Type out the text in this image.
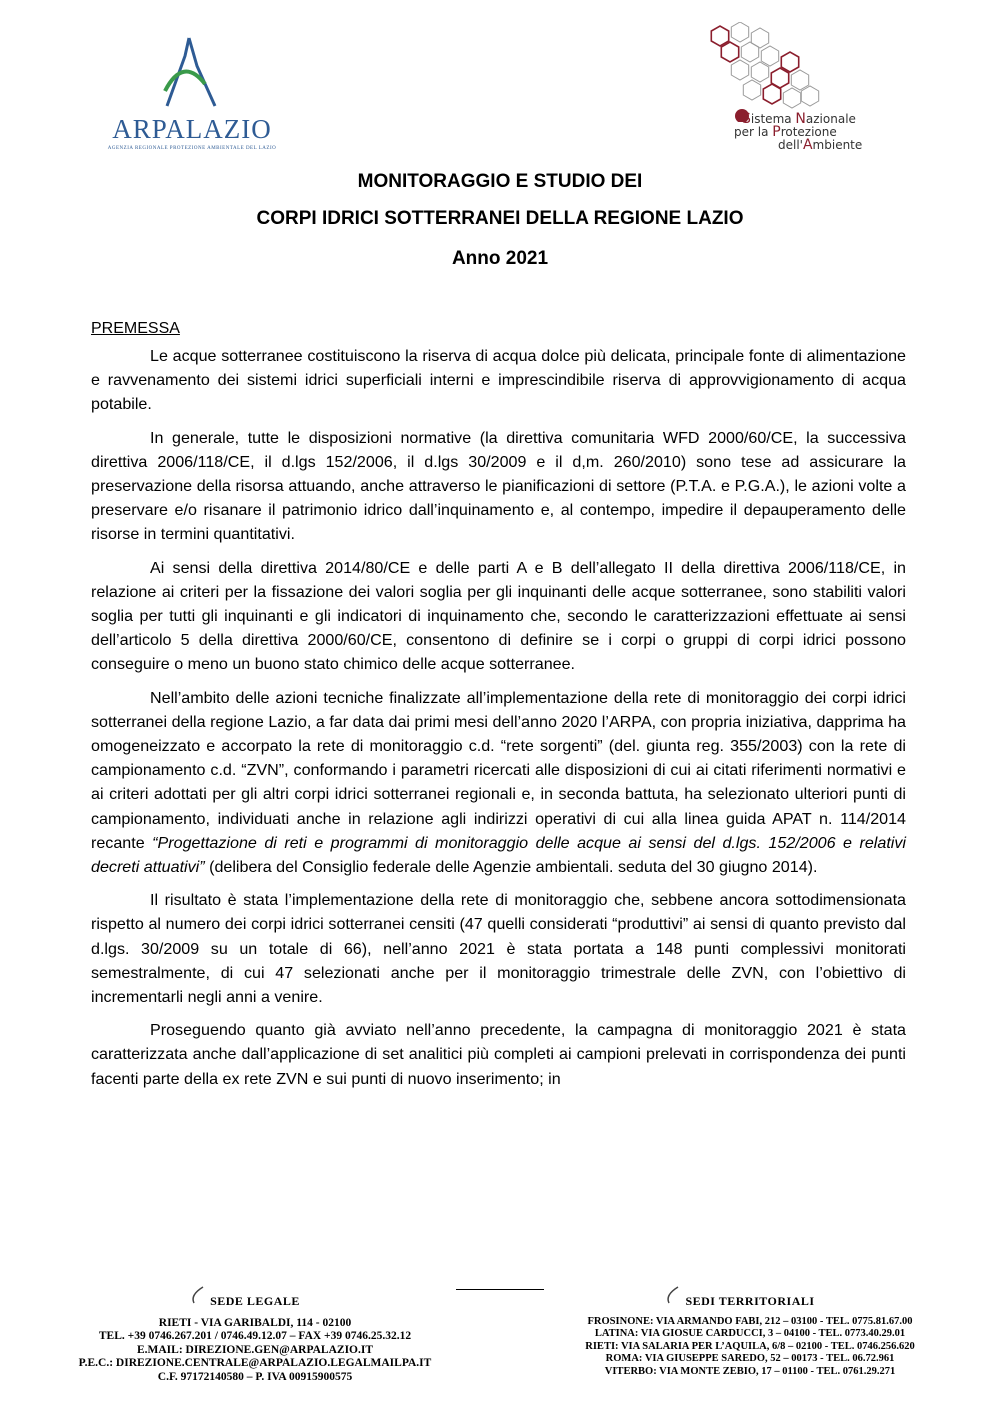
ARPALAZIO
AGENZIA REGIONALE PROTEZIONE AMBIENTALE DEL LAZIO
Sistema Nazionale
per la Protezione
dell'Ambiente
MONITORAGGIO E STUDIO DEI
CORPI IDRICI SOTTERRANEI DELLA REGIONE LAZIO
Anno 2021
PREMESSA

Le acque sotterranee costituiscono la riserva di acqua dolce più delicata, principale fonte di alimentazione e ravvenamento dei sistemi idrici superficiali interni e imprescindibile riserva di approvvigionamento di acqua potabile.

In generale, tutte le disposizioni normative (la direttiva comunitaria WFD 2000/60/CE, la successiva direttiva 2006/118/CE, il d.lgs 152/2006, il d.lgs 30/2009 e il d,m. 260/2010) sono tese ad assicurare la preservazione della risorsa attuando, anche attraverso le pianificazioni di settore (P.T.A. e P.G.A.), le azioni volte a preservare e/o risanare il patrimonio idrico dall’inquinamento e, al contempo, impedire il depauperamento delle risorse in termini quantitativi.

Ai sensi della direttiva 2014/80/CE e delle parti A e B dell’allegato II della direttiva 2006/118/CE, in relazione ai criteri per la fissazione dei valori soglia per gli inquinanti delle acque sotterranee, sono stabiliti valori soglia per tutti gli inquinanti e gli indicatori di inquinamento che, secondo le caratterizzazioni effettuate ai sensi dell’articolo 5 della direttiva 2000/60/CE, consentono di definire se i corpi o gruppi di corpi idrici possono conseguire o meno un buono stato chimico delle acque sotterranee.

Nell’ambito delle azioni tecniche finalizzate all’implementazione della rete di monitoraggio dei corpi idrici sotterranei della regione Lazio, a far data dai primi mesi dell’anno 2020 l’ARPA, con propria iniziativa, dapprima ha omogeneizzato e accorpato la rete di monitoraggio c.d. “rete sorgenti” (del. giunta reg. 355/2003) con la rete di campionamento c.d. “ZVN”, conformando i parametri ricercati alle disposizioni di cui ai citati riferimenti normativi e ai criteri adottati per gli altri corpi idrici sotterranei regionali e, in seconda battuta, ha selezionato ulteriori punti di campionamento, individuati anche in relazione agli indirizzi operativi di cui alla linea guida APAT n. 114/2014 recante “Progettazione di reti e programmi di monitoraggio delle acque ai sensi del d.lgs. 152/2006 e relativi decreti attuativi” (delibera del Consiglio federale delle Agenzie ambientali. seduta del 30 giugno 2014).

Il risultato è stata l’implementazione della rete di monitoraggio che, sebbene ancora sottodimensionata rispetto al numero dei corpi idrici sotterranei censiti (47 quelli considerati “produttivi” ai sensi di quanto previsto dal d.lgs. 30/2009 su un totale di 66), nell’anno 2021 è stata portata a 148 punti complessivi monitorati semestralmente, di cui 47 selezionati anche per il monitoraggio trimestrale delle ZVN, con l’obiettivo di incrementarli negli anni a venire.

Proseguendo quanto già avviato nell’anno precedente, la campagna di monitoraggio 2021 è stata caratterizzata anche dall’applicazione di set analitici più completi ai campioni prelevati in corrispondenza dei punti facenti parte della ex rete ZVN e sui punti di nuovo inserimento; in

SEDE LEGALE
RIETI - VIA GARIBALDI, 114 - 02100
TEL. +39 0746.267.201 / 0746.49.12.07 – FAX +39 0746.25.32.12
E.MAIL: DIREZIONE.GEN@ARPALAZIO.IT
P.E.C.: DIREZIONE.CENTRALE@ARPALAZIO.LEGALMAILPA.IT
C.F. 97172140580 – P. IVA 00915900575
SEDI TERRITORIALI
FROSINONE: VIA ARMANDO FABI, 212 – 03100 - TEL. 0775.81.67.00
LATINA: VIA GIOSUE CARDUCCI, 3 – 04100 - TEL. 0773.40.29.01
RIETI: VIA SALARIA PER L’AQUILA, 6/8 – 02100 - TEL. 0746.256.620
ROMA: VIA GIUSEPPE SAREDO, 52 – 00173 - TEL. 06.72.961
VITERBO: VIA MONTE ZEBIO, 17 – 01100 - TEL. 0761.29.271
